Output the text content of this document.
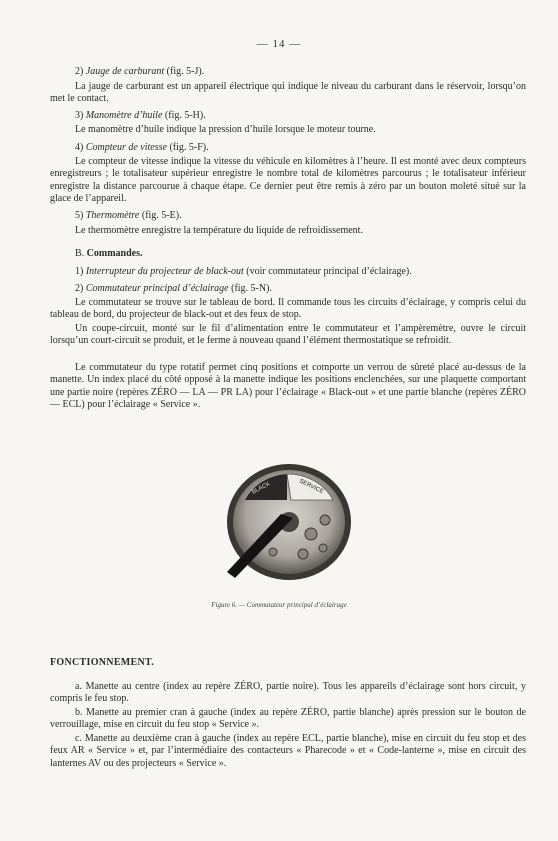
— 14 —
2) Jauge de carburant (fig. 5-J).

La jauge de carburant est un appareil électrique qui indique le niveau du carburant dans le réservoir, lorsqu’on met le contact.

3) Manomètre d’huile (fig. 5-H).

Le manomètre d’huile indique la pression d’huile lorsque le moteur tourne.

4) Compteur de vitesse (fig. 5-F).

Le compteur de vitesse indique la vitesse du véhicule en kilomètres à l’heure. Il est monté avec deux compteurs enregistreurs ; le totalisateur supérieur enregistre le nombre total de kilomètres parcourus ; le totalisateur inférieur enregistre la distance parcourue à chaque étape. Ce dernier peut être remis à zéro par un bouton moleté situé sur la glace de l’appareil.

5) Thermomètre (fig. 5-E).

Le thermomètre enregistre la température du liquide de refroidissement.

B. Commandes.
1) Interrupteur du projecteur de black-out (voir commutateur principal d’éclairage).
2) Commutateur principal d’éclairage (fig. 5-N).

Le commutateur se trouve sur le tableau de bord. Il commande tous les circuits d’éclairage, y compris celui du tableau de bord, du projecteur de black-out et des feux de stop.

Un coupe-circuit, monté sur le fil d’alimentation entre le commutateur et l’ampèremètre, ouvre le circuit lorsqu’un court-circuit se produit, et le ferme à nouveau quand l’élément thermostatique se refroidit.

Le commutateur du type rotatif permet cinq positions et comporte un verrou de sûreté placé au-dessus de la manette. Un index placé du côté opposé à la manette indique les positions enclenchées, sur une plaquette comportant une partie noire (repères ZÉRO — LA — PR LA) pour l’éclairage « Black-out » et une partie blanche (repères ZÉRO — ECL) pour l’éclairage « Service ».

BLACK	SERVICE
Figure 6. — Commutateur principal d’éclairage
FONCTIONNEMENT.

a. Manette au centre (index au repère ZÉRO, partie noire). Tous les appareils d’éclairage sont hors circuit, y compris le feu stop.

b. Manette au premier cran à gauche (index au repère ZÉRO, partie blanche) après pression sur le bouton de verrouillage, mise en circuit du feu stop « Service ».

c. Manette au deuxième cran à gauche (index au repère ECL, partie blanche), mise en circuit du feu stop et des feux AR « Service » et, par l’intermédiaire des contacteurs « Pharecode » et « Code-lanterne », mise en circuit des lanternes AV ou des projecteurs « Service ».
